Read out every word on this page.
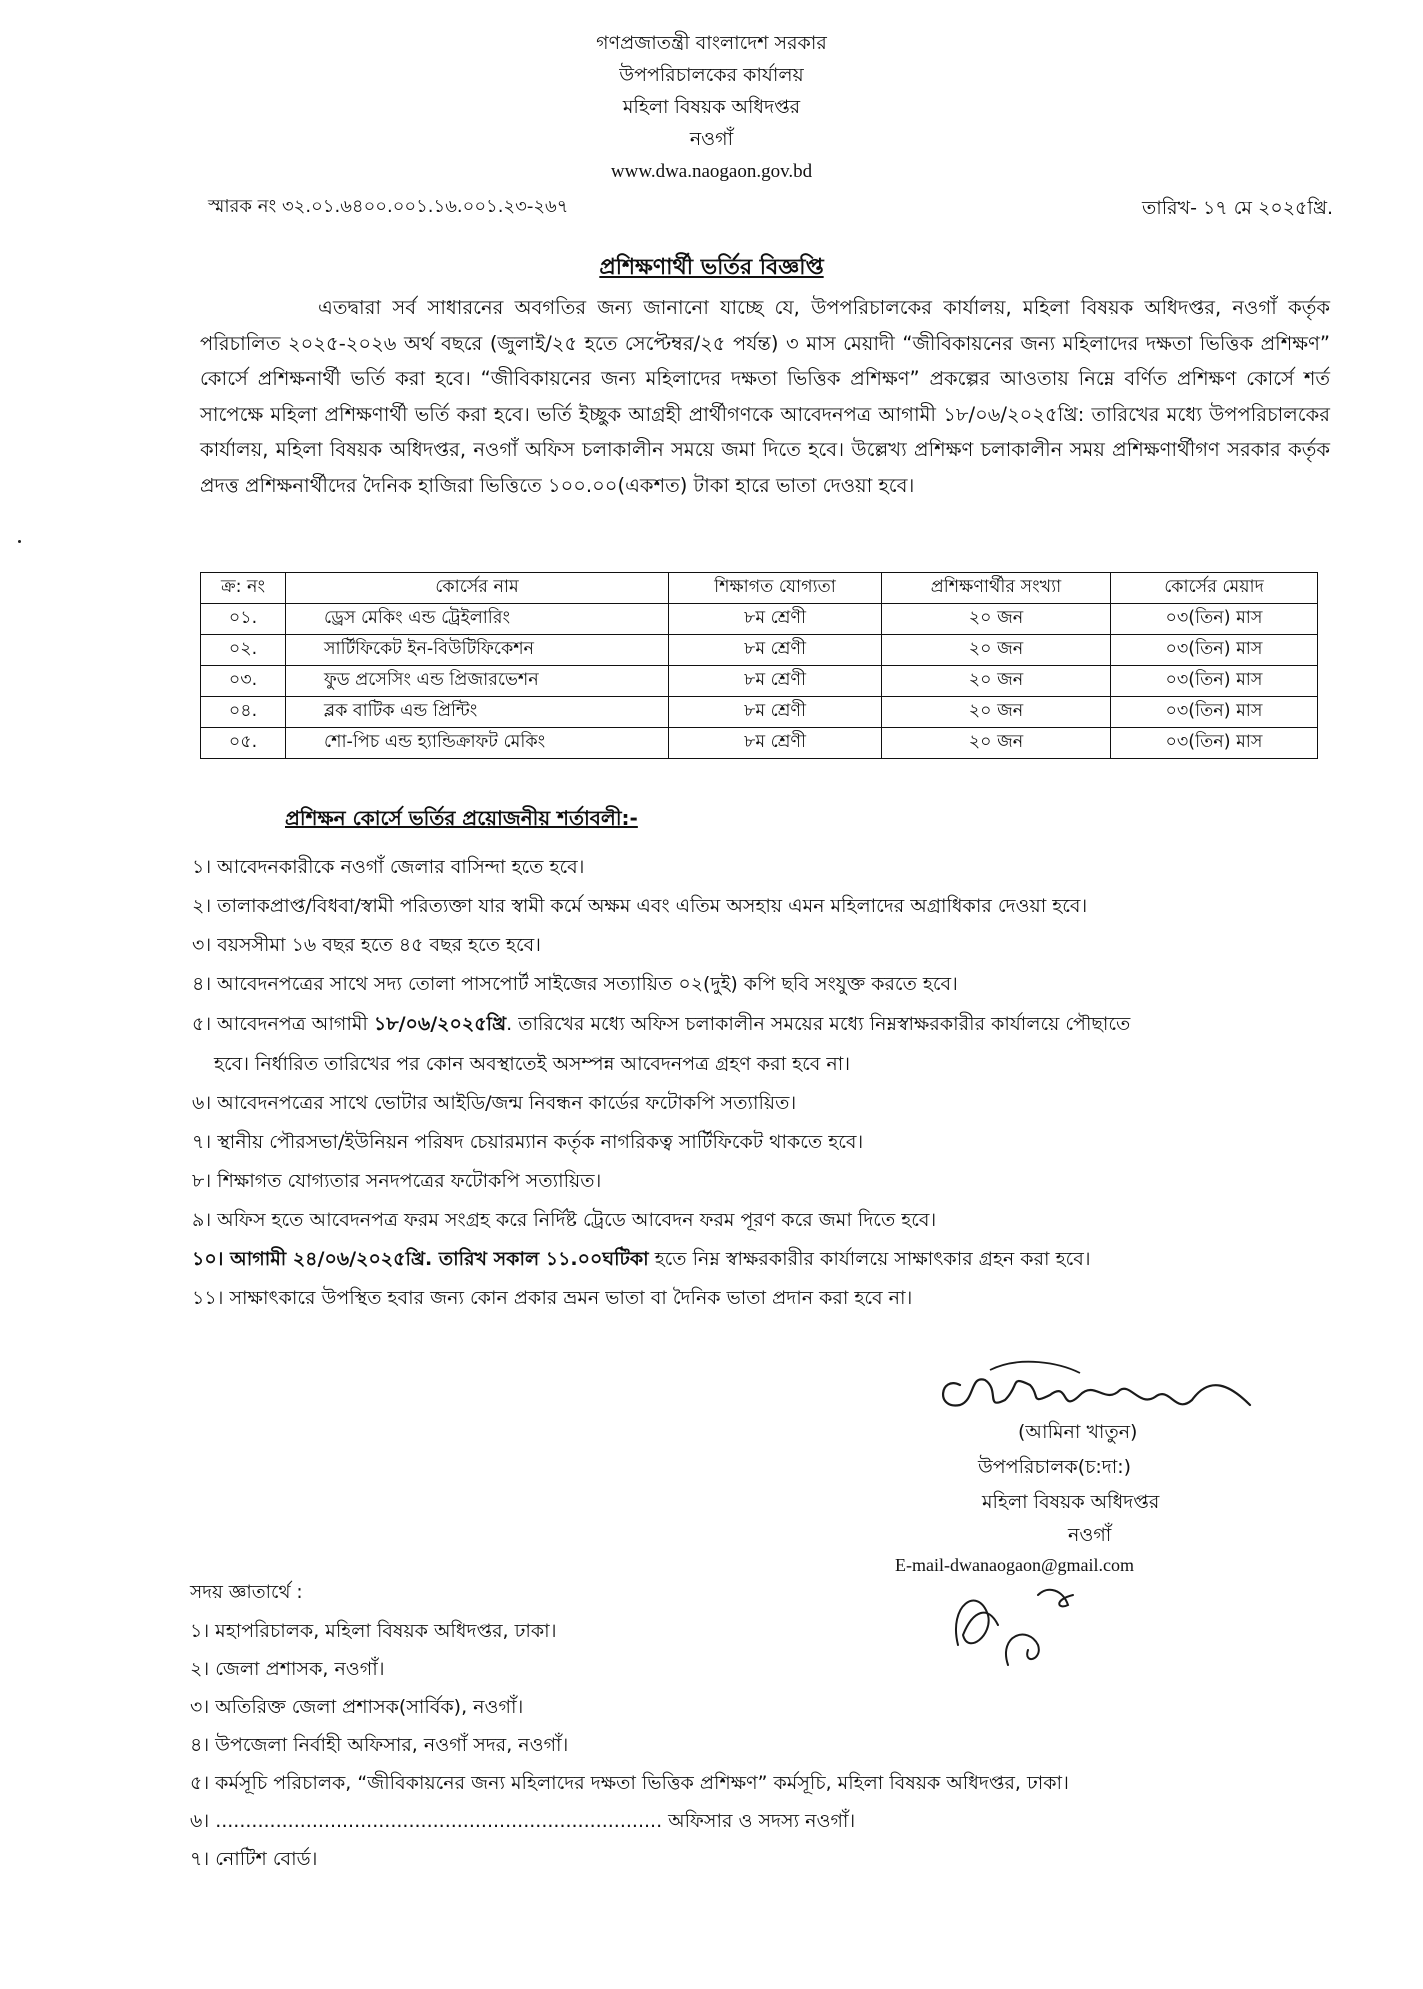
গণপ্রজাতন্ত্রী বাংলাদেশ সরকার
উপপরিচালকের কার্যালয়
মহিলা বিষয়ক অধিদপ্তর
নওগাঁ
www.dwa.naogaon.gov.bd
স্মারক নং ৩২.০১.৬৪০০.০০১.১৬.০০১.২৩-২৬৭	তারিখ- ১৭ মে ২০২৫খ্রি.
প্রশিক্ষণার্থী ভর্তির বিজ্ঞপ্তি

এতদ্বারা সর্ব সাধারনের অবগতির জন্য জানানো যাচ্ছে যে, উপপরিচালকের কার্যালয়, মহিলা বিষয়ক অধিদপ্তর, নওগাঁ কর্তৃক পরিচালিত ২০২৫-২০২৬ অর্থ বছরে (জুলাই/২৫ হতে সেপ্টেম্বর/২৫ পর্যন্ত) ৩ মাস মেয়াদী “জীবিকায়নের জন্য মহিলাদের দক্ষতা ভিত্তিক প্রশিক্ষণ” কোর্সে প্রশিক্ষনার্থী ভর্তি করা হবে। “জীবিকায়নের জন্য মহিলাদের দক্ষতা ভিত্তিক প্রশিক্ষণ” প্রকল্পের আওতায় নিম্নে বর্ণিত প্রশিক্ষণ কোর্সে শর্ত সাপেক্ষে মহিলা প্রশিক্ষণার্থী ভর্তি করা হবে। ভর্তি ইচ্ছুক আগ্রহী প্রার্থীগণকে আবেদনপত্র আগামী ১৮/০৬/২০২৫খ্রি: তারিখের মধ্যে উপপরিচালকের কার্যালয়, মহিলা বিষয়ক অধিদপ্তর, নওগাঁ অফিস চলাকালীন সময়ে জমা দিতে হবে। উল্লেখ্য প্রশিক্ষণ চলাকালীন সময় প্রশিক্ষণার্থীগণ সরকার কর্তৃক প্রদত্ত প্রশিক্ষনার্থীদের দৈনিক হাজিরা ভিত্তিতে ১০০.০০(একশত) টাকা হারে ভাতা দেওয়া হবে।

ক্র: নং	কোর্সের নাম	শিক্ষাগত যোগ্যতা	প্রশিক্ষণার্থীর সংখ্যা	কোর্সের মেয়াদ
০১.	ড্রেস মেকিং এন্ড ট্রেইলারিং	৮ম শ্রেণী	২০ জন	০৩(তিন) মাস
০২.	সার্টিফিকেট ইন-বিউটিফিকেশন	৮ম শ্রেণী	২০ জন	০৩(তিন) মাস
০৩.	ফুড প্রসেসিং এন্ড প্রিজারভেশন	৮ম শ্রেণী	২০ জন	০৩(তিন) মাস
০৪.	ব্লক বাটিক এন্ড প্রিন্টিং	৮ম শ্রেণী	২০ জন	০৩(তিন) মাস
০৫.	শো-পিচ এন্ড হ্যান্ডিক্রাফট মেকিং	৮ম শ্রেণী	২০ জন	০৩(তিন) মাস
প্রশিক্ষন কোর্সে ভর্তির প্রয়োজনীয় শর্তাবলী:-
১। আবেদনকারীকে নওগাঁ জেলার বাসিন্দা হতে হবে।
২। তালাকপ্রাপ্ত/বিধবা/স্বামী পরিত্যক্তা যার স্বামী কর্মে অক্ষম এবং এতিম অসহায় এমন মহিলাদের অগ্রাধিকার দেওয়া হবে।
৩। বয়সসীমা ১৬ বছর হতে ৪৫ বছর হতে হবে।
৪। আবেদনপত্রের সাথে সদ্য তোলা পাসপোর্ট সাইজের সত্যায়িত ০২(দুই) কপি ছবি সংযুক্ত করতে হবে।
৫। আবেদনপত্র আগামী ১৮/০৬/২০২৫খ্রি. তারিখের মধ্যে অফিস চলাকালীন সময়ের মধ্যে নিম্নস্বাক্ষরকারীর কার্যালয়ে পৌছাতে
হবে। নির্ধারিত তারিখের পর কোন অবস্থাতেই অসম্পন্ন আবেদনপত্র গ্রহণ করা হবে না।
৬। আবেদনপত্রের সাথে ভোটার আইডি/জন্ম নিবন্ধন কার্ডের ফটোকপি সত্যায়িত।
৭। স্থানীয় পৌরসভা/ইউনিয়ন পরিষদ চেয়ারম্যান কর্তৃক নাগরিকত্ব সার্টিফিকেট থাকতে হবে।
৮। শিক্ষাগত যোগ্যতার সনদপত্রের ফটোকপি সত্যায়িত।
৯। অফিস হতে আবেদনপত্র ফরম সংগ্রহ করে নির্দিষ্ট ট্রেডে আবেদন ফরম পূরণ করে জমা দিতে হবে।
১০। আগামী ২৪/০৬/২০২৫খ্রি. তারিখ সকাল ১১.০০ঘটিকা হতে নিম্ন স্বাক্ষরকারীর কার্যালয়ে সাক্ষাৎকার গ্রহন করা হবে।
১১। সাক্ষাৎকারে উপস্থিত হবার জন্য কোন প্রকার ভ্রমন ভাতা বা দৈনিক ভাতা প্রদান করা হবে না।
(আমিনা খাতুন)
উপপরিচালক(চ:দা:)
মহিলা বিষয়ক অধিদপ্তর
নওগাঁ
E-mail-dwanaogaon@gmail.com
সদয় জ্ঞাতার্থে :
১। মহাপরিচালক, মহিলা বিষয়ক অধিদপ্তর, ঢাকা।
২। জেলা প্রশাসক, নওগাঁ।
৩। অতিরিক্ত জেলা প্রশাসক(সার্বিক), নওগাঁ।
৪। উপজেলা নির্বাহী অফিসার, নওগাঁ সদর, নওগাঁ।
৫। কর্মসূচি পরিচালক, “জীবিকায়নের জন্য মহিলাদের দক্ষতা ভিত্তিক প্রশিক্ষণ” কর্মসূচি, মহিলা বিষয়ক অধিদপ্তর, ঢাকা।
৬। .......................................................................... অফিসার ও সদস্য নওগাঁ।
৭। নোটিশ বোর্ড।
